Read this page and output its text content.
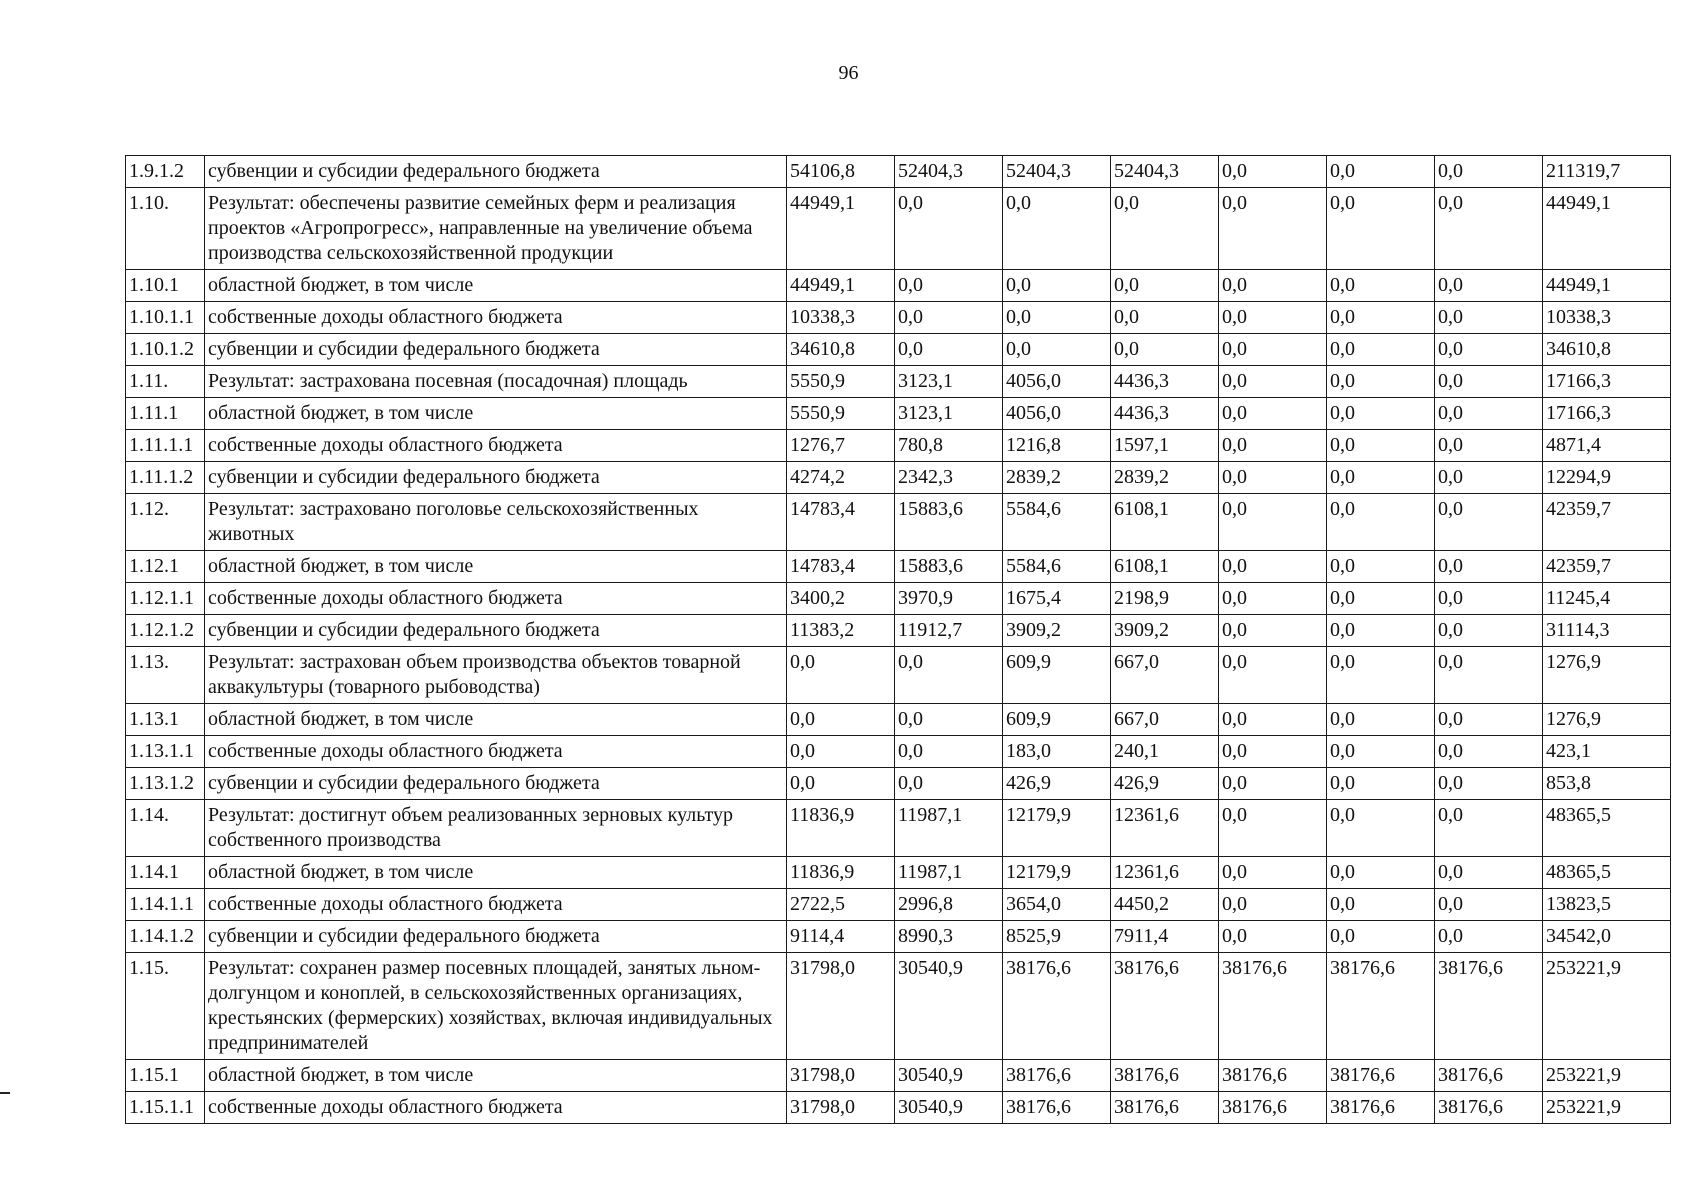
96
1.9.1.2	субвенции и субсидии федерального бюджета	54106,8	52404,3	52404,3	52404,3	0,0	0,0	0,0	211319,7
1.10.	Результат: обеспечены развитие семейных ферм и реализация проектов «Агропрогресс», направленные на увеличение объема производства сельскохозяйственной продукции	44949,1	0,0	0,0	0,0	0,0	0,0	0,0	44949,1
1.10.1	областной бюджет, в том числе	44949,1	0,0	0,0	0,0	0,0	0,0	0,0	44949,1
1.10.1.1	собственные доходы областного бюджета	10338,3	0,0	0,0	0,0	0,0	0,0	0,0	10338,3
1.10.1.2	субвенции и субсидии федерального бюджета	34610,8	0,0	0,0	0,0	0,0	0,0	0,0	34610,8
1.11.	Результат: застрахована посевная (посадочная) площадь	5550,9	3123,1	4056,0	4436,3	0,0	0,0	0,0	17166,3
1.11.1	областной бюджет, в том числе	5550,9	3123,1	4056,0	4436,3	0,0	0,0	0,0	17166,3
1.11.1.1	собственные доходы областного бюджета	1276,7	780,8	1216,8	1597,1	0,0	0,0	0,0	4871,4
1.11.1.2	субвенции и субсидии федерального бюджета	4274,2	2342,3	2839,2	2839,2	0,0	0,0	0,0	12294,9
1.12.	Результат: застраховано поголовье сельскохозяйственных животных	14783,4	15883,6	5584,6	6108,1	0,0	0,0	0,0	42359,7
1.12.1	областной бюджет, в том числе	14783,4	15883,6	5584,6	6108,1	0,0	0,0	0,0	42359,7
1.12.1.1	собственные доходы областного бюджета	3400,2	3970,9	1675,4	2198,9	0,0	0,0	0,0	11245,4
1.12.1.2	субвенции и субсидии федерального бюджета	11383,2	11912,7	3909,2	3909,2	0,0	0,0	0,0	31114,3
1.13.	Результат: застрахован объем производства объектов товарной аквакультуры (товарного рыбоводства)	0,0	0,0	609,9	667,0	0,0	0,0	0,0	1276,9
1.13.1	областной бюджет, в том числе	0,0	0,0	609,9	667,0	0,0	0,0	0,0	1276,9
1.13.1.1	собственные доходы областного бюджета	0,0	0,0	183,0	240,1	0,0	0,0	0,0	423,1
1.13.1.2	субвенции и субсидии федерального бюджета	0,0	0,0	426,9	426,9	0,0	0,0	0,0	853,8
1.14.	Результат: достигнут объем реализованных зерновых культур собственного производства	11836,9	11987,1	12179,9	12361,6	0,0	0,0	0,0	48365,5
1.14.1	областной бюджет, в том числе	11836,9	11987,1	12179,9	12361,6	0,0	0,0	0,0	48365,5
1.14.1.1	собственные доходы областного бюджета	2722,5	2996,8	3654,0	4450,2	0,0	0,0	0,0	13823,5
1.14.1.2	субвенции и субсидии федерального бюджета	9114,4	8990,3	8525,9	7911,4	0,0	0,0	0,0	34542,0
1.15.	Результат: сохранен размер посевных площадей, занятых льном-долгунцом и коноплей, в сельскохозяйственных организациях, крестьянских (фермерских) хозяйствах, включая индивидуальных предпринимателей	31798,0	30540,9	38176,6	38176,6	38176,6	38176,6	38176,6	253221,9
1.15.1	областной бюджет, в том числе	31798,0	30540,9	38176,6	38176,6	38176,6	38176,6	38176,6	253221,9
1.15.1.1	собственные доходы областного бюджета	31798,0	30540,9	38176,6	38176,6	38176,6	38176,6	38176,6	253221,9
